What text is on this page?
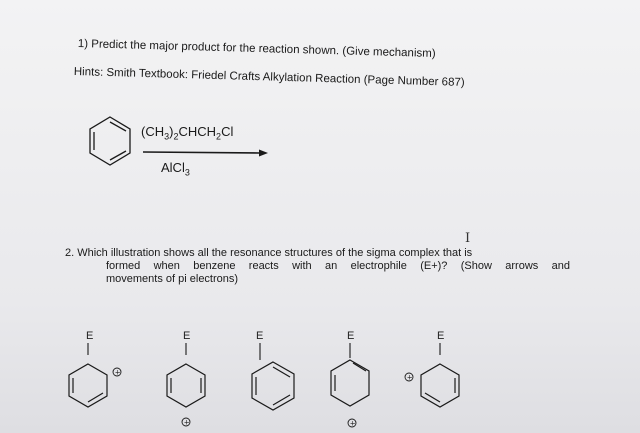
1) Predict the major product for the reaction shown. (Give mechanism)
Hints: Smith Textbook: Friedel Crafts Alkylation Reaction (Page Number 687)
E
+
E
+
E	E
+
E
+
$(CH_3)_2CHCH_2Cl$
AlCl$_3$
I
2. Which illustration shows all the resonance structures of the sigma complex that is
formed when benzene reacts with an electrophile (E+)? (Show arrows and
movements of pi electrons)
